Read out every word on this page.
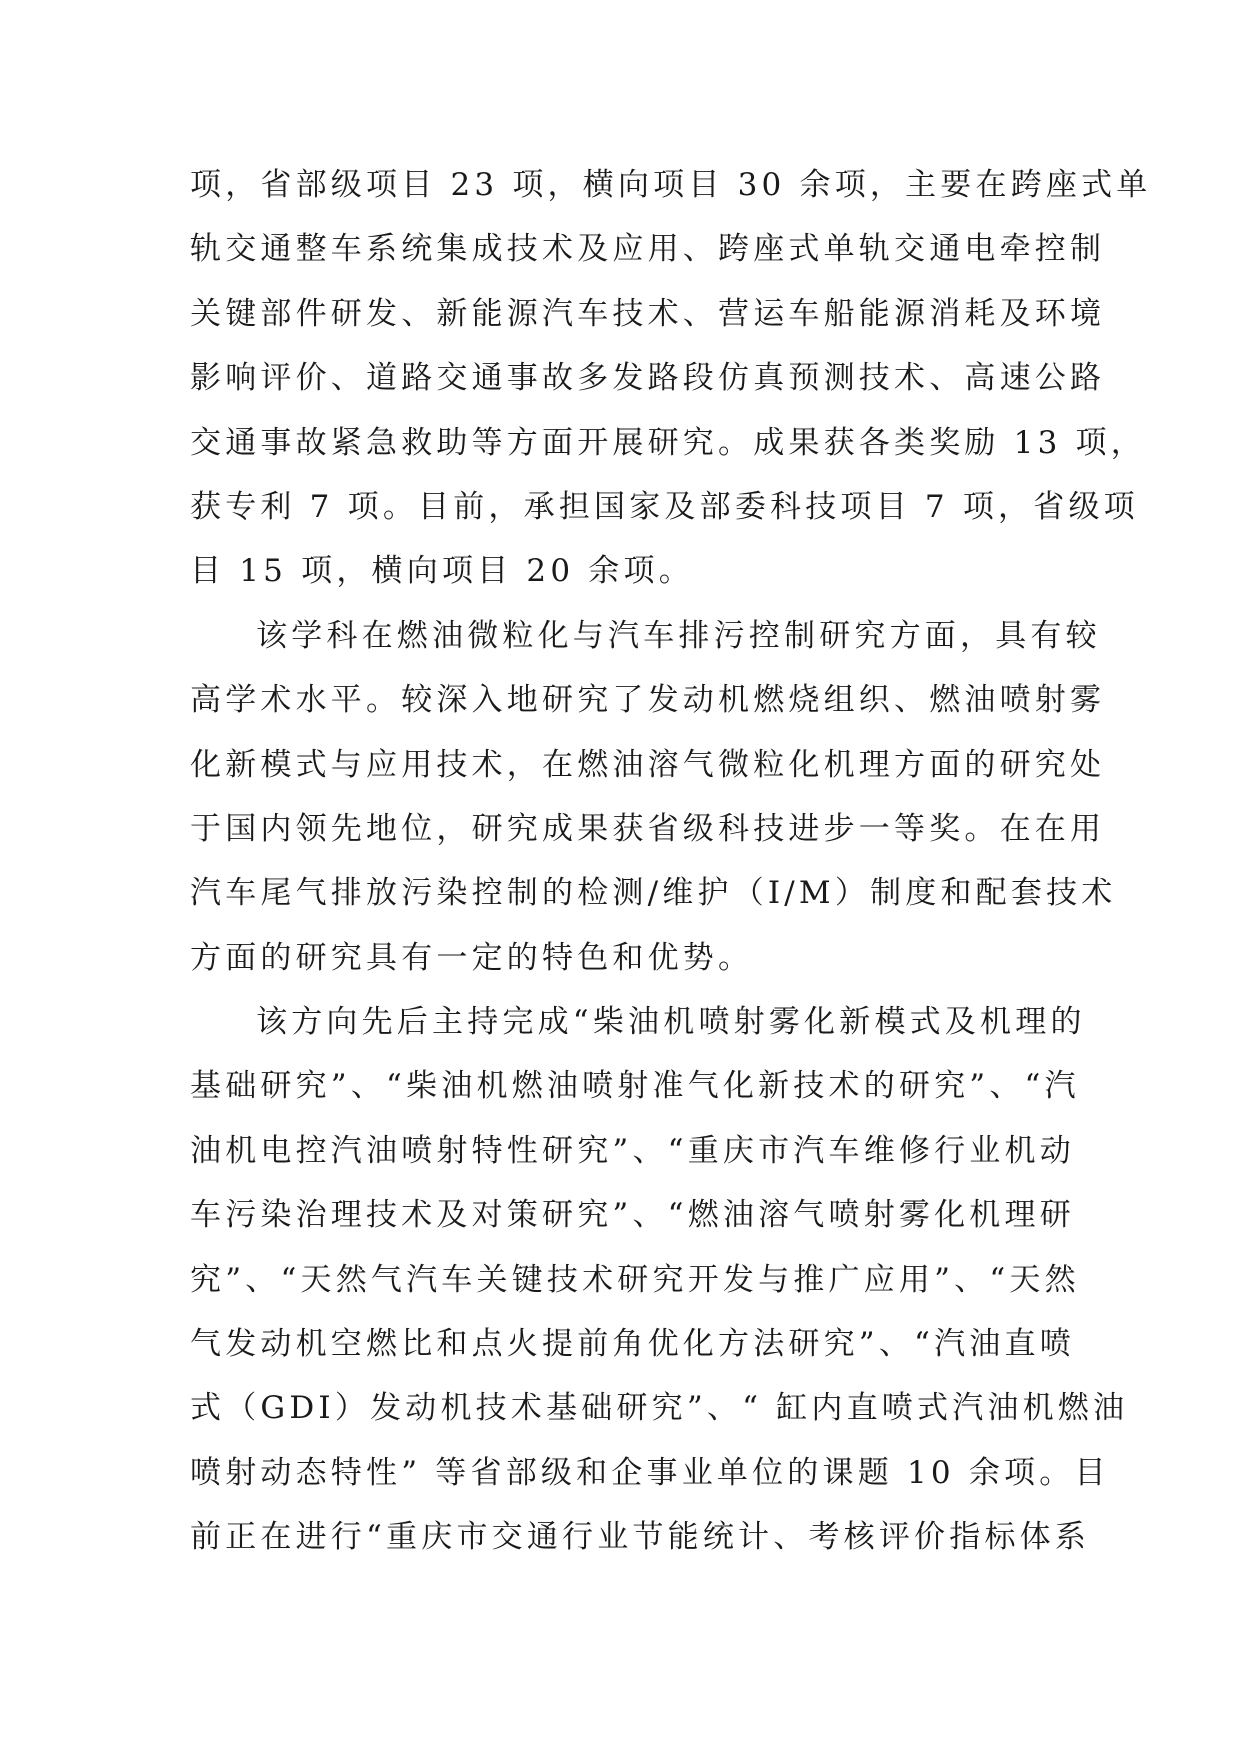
项，省部级项目 23 项，横向项目 30 余项，主要在跨座式单
轨交通整车系统集成技术及应用、跨座式单轨交通电牵控制
关键部件研发、新能源汽车技术、营运车船能源消耗及环境
影响评价、道路交通事故多发路段仿真预测技术、高速公路
交通事故紧急救助等方面开展研究。成果获各类奖励 13 项，
获专利 7 项。目前，承担国家及部委科技项目 7 项，省级项
目 15 项，横向项目 20 余项。
该学科在燃油微粒化与汽车排污控制研究方面，具有较
高学术水平。较深入地研究了发动机燃烧组织、燃油喷射雾
化新模式与应用技术，在燃油溶气微粒化机理方面的研究处
于国内领先地位，研究成果获省级科技进步一等奖。在在用
汽车尾气排放污染控制的检测/维护（I/M）制度和配套技术
方面的研究具有一定的特色和优势。
该方向先后主持完成“柴油机喷射雾化新模式及机理的
基础研究”、“柴油机燃油喷射准气化新技术的研究”、“汽
油机电控汽油喷射特性研究”、“重庆市汽车维修行业机动
车污染治理技术及对策研究”、“燃油溶气喷射雾化机理研
究”、“天然气汽车关键技术研究开发与推广应用”、“天然
气发动机空燃比和点火提前角优化方法研究”、“汽油直喷
式（GDI）发动机技术基础研究”、“ 缸内直喷式汽油机燃油
喷射动态特性” 等省部级和企事业单位的课题 10 余项。目
前正在进行“重庆市交通行业节能统计、考核评价指标体系
